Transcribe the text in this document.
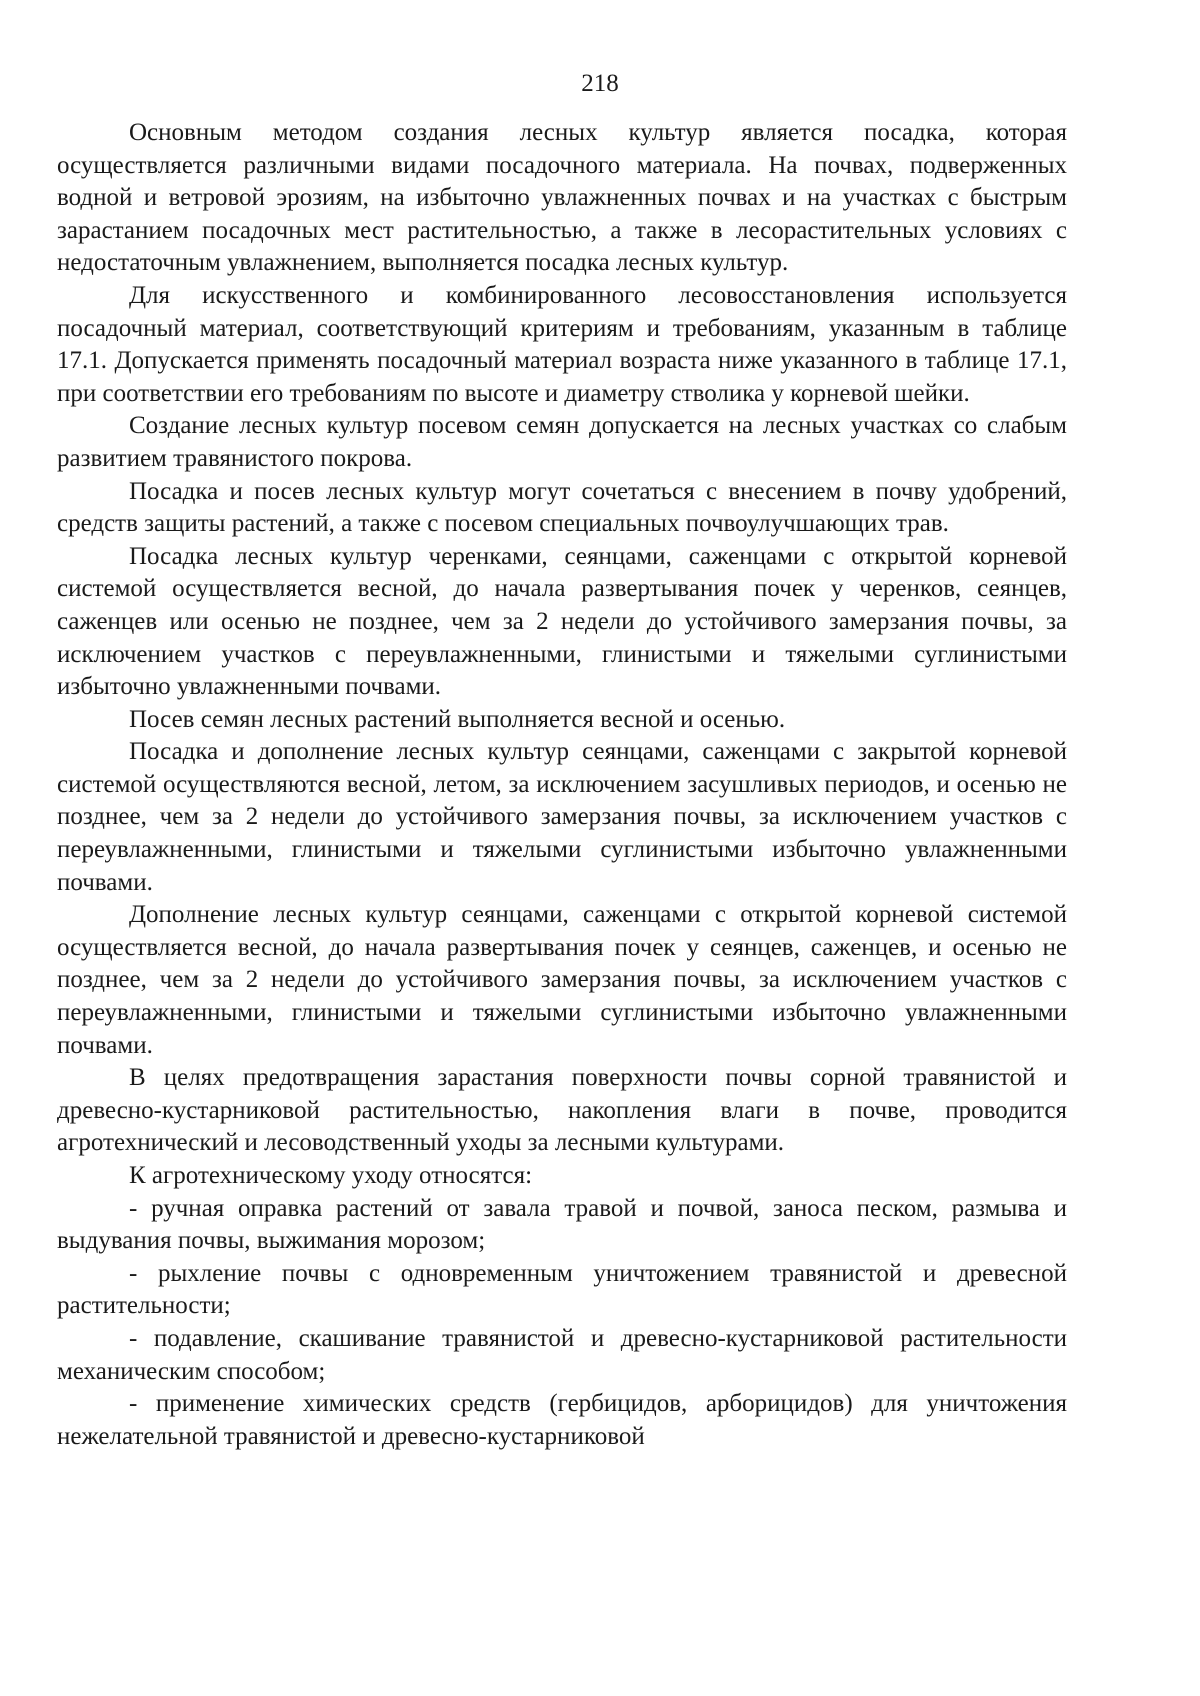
218

Основным методом создания лесных культур является посадка, которая осуществляется различными видами посадочного материала. На почвах, подверженных водной и ветровой эрозиям, на избыточно увлажненных почвах и на участках с быстрым зарастанием посадочных мест растительностью, а также в лесорастительных условиях с недостаточным увлажнением, выполняется посадка лесных культур.

Для искусственного и комбинированного лесовосстановления используется посадочный материал, соответствующий критериям и требованиям, указанным в таблице 17.1. Допускается применять посадочный материал возраста ниже указанного в таблице 17.1, при соответствии его требованиям по высоте и диаметру стволика у корневой шейки.

Создание лесных культур посевом семян допускается на лесных участках со слабым развитием травянистого покрова.

Посадка и посев лесных культур могут сочетаться с внесением в почву удобрений, средств защиты растений, а также с посевом специальных почвоулучшающих трав.

Посадка лесных культур черенками, сеянцами, саженцами с открытой корневой системой осуществляется весной, до начала развертывания почек у черенков, сеянцев, саженцев или осенью не позднее, чем за 2 недели до устойчивого замерзания почвы, за исключением участков с переувлажненными, глинистыми и тяжелыми суглинистыми избыточно увлажненными почвами.

Посев семян лесных растений выполняется весной и осенью.

Посадка и дополнение лесных культур сеянцами, саженцами с закрытой корневой системой осуществляются весной, летом, за исключением засушливых периодов, и осенью не позднее, чем за 2 недели до устойчивого замерзания почвы, за исключением участков с переувлажненными, глинистыми и тяжелыми суглинистыми избыточно увлажненными почвами.

Дополнение лесных культур сеянцами, саженцами с открытой корневой системой осуществляется весной, до начала развертывания почек у сеянцев, саженцев, и осенью не позднее, чем за 2 недели до устойчивого замерзания почвы, за исключением участков с переувлажненными, глинистыми и тяжелыми суглинистыми избыточно увлажненными почвами.

В целях предотвращения зарастания поверхности почвы сорной травянистой и древесно-кустарниковой растительностью, накопления влаги в почве, проводится агротехнический и лесоводственный уходы за лесными культурами.

К агротехническому уходу относятся:

- ручная оправка растений от завала травой и почвой, заноса песком, размыва и выдувания почвы, выжимания морозом;

- рыхление почвы с одновременным уничтожением травянистой и древесной растительности;

- подавление, скашивание травянистой и древесно-кустарниковой растительности механическим способом;

- применение химических средств (гербицидов, арборицидов) для уничтожения нежелательной травянистой и древесно-кустарниковой
